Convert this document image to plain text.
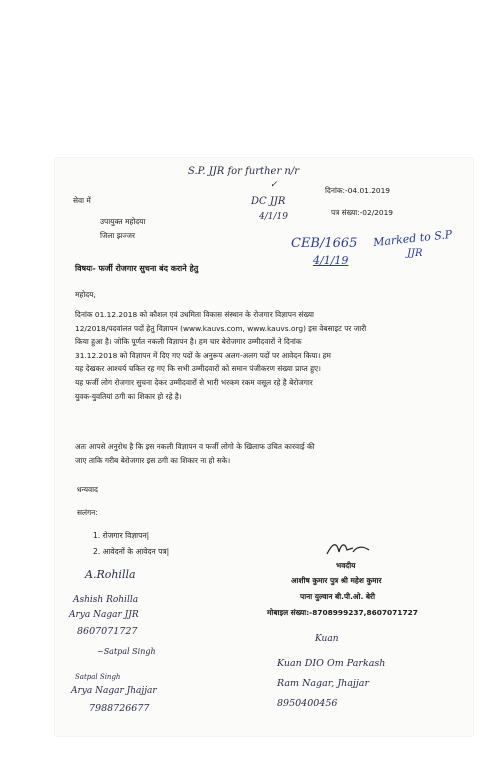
S.P. JJR for further n/r
✓
DC JJR
4/1/19
दिनांक:-04.01.2019
पत्र संख्या:-02/2019
CEB/1665
4/1/19
Marked to S.P
JJR
सेवा में
उपायुक्त महोदया
जिला झज्जर
विषयः- फर्जी रोजगार सुचना बंद कराने हेतु
महोदय,
दिनांक 01.12.2018 को कौशल एवं उधमिता विकास संस्थान के रोजगार विज्ञापन संख्या
12/2018/पदवांलत पदों हेतु विज्ञापन (www.kauvs.com, www.kauvs.org) इस वेबसाइट पर जारी
किया हुआ है। जोकि पूर्णत नकली विज्ञापन है। हम चार बेरोजगार उम्मीदवारों ने दिनांक
31.12.2018 को विज्ञापन में दिए गए पदों के अनुरूप अलग-अलग पदों पर आवेदन किया। हम
यह देखकर आश्चर्य चकित रह गए कि सभी उम्मीदवारों को समान पंजीकरण संख्या प्राप्त हुए।
यह फर्जी लोग रोजगार सुचना देकर उम्मीदवारों से भारी भरकम रकम वसूल रहे है बेरोजगार
युवक-युवतियां ठगी का शिकार हो रहे है।
अतः आपसे अनुरोध है कि इस नकली विज्ञापन व फर्जी लोगो के खिलाफ उचित कारवाई की
जाए ताकि गरीब बेरोजगार इस ठगी का शिकार ना हो सके।
धन्यवाद
सलंगन:
1. रोजगार विज्ञापन|
2. आवेदनों के आवेदन पत्र|
भवदीय
आशीष कुमार पुत्र श्री महेश कुमार
पाना युल्वान बी.पी.ओ. बेरी
मोबाइल संख्या:-8708999237,8607071727
A.Rohilla
Ashish Rohilla
Arya Nagar JJR
8607071727
~Satpal Singh
Satpal Singh
Arya Nagar Jhajjar
7988726677
Kuan
Kuan DIO Om Parkash
Ram Nagar, Jhajjar
8950400456
